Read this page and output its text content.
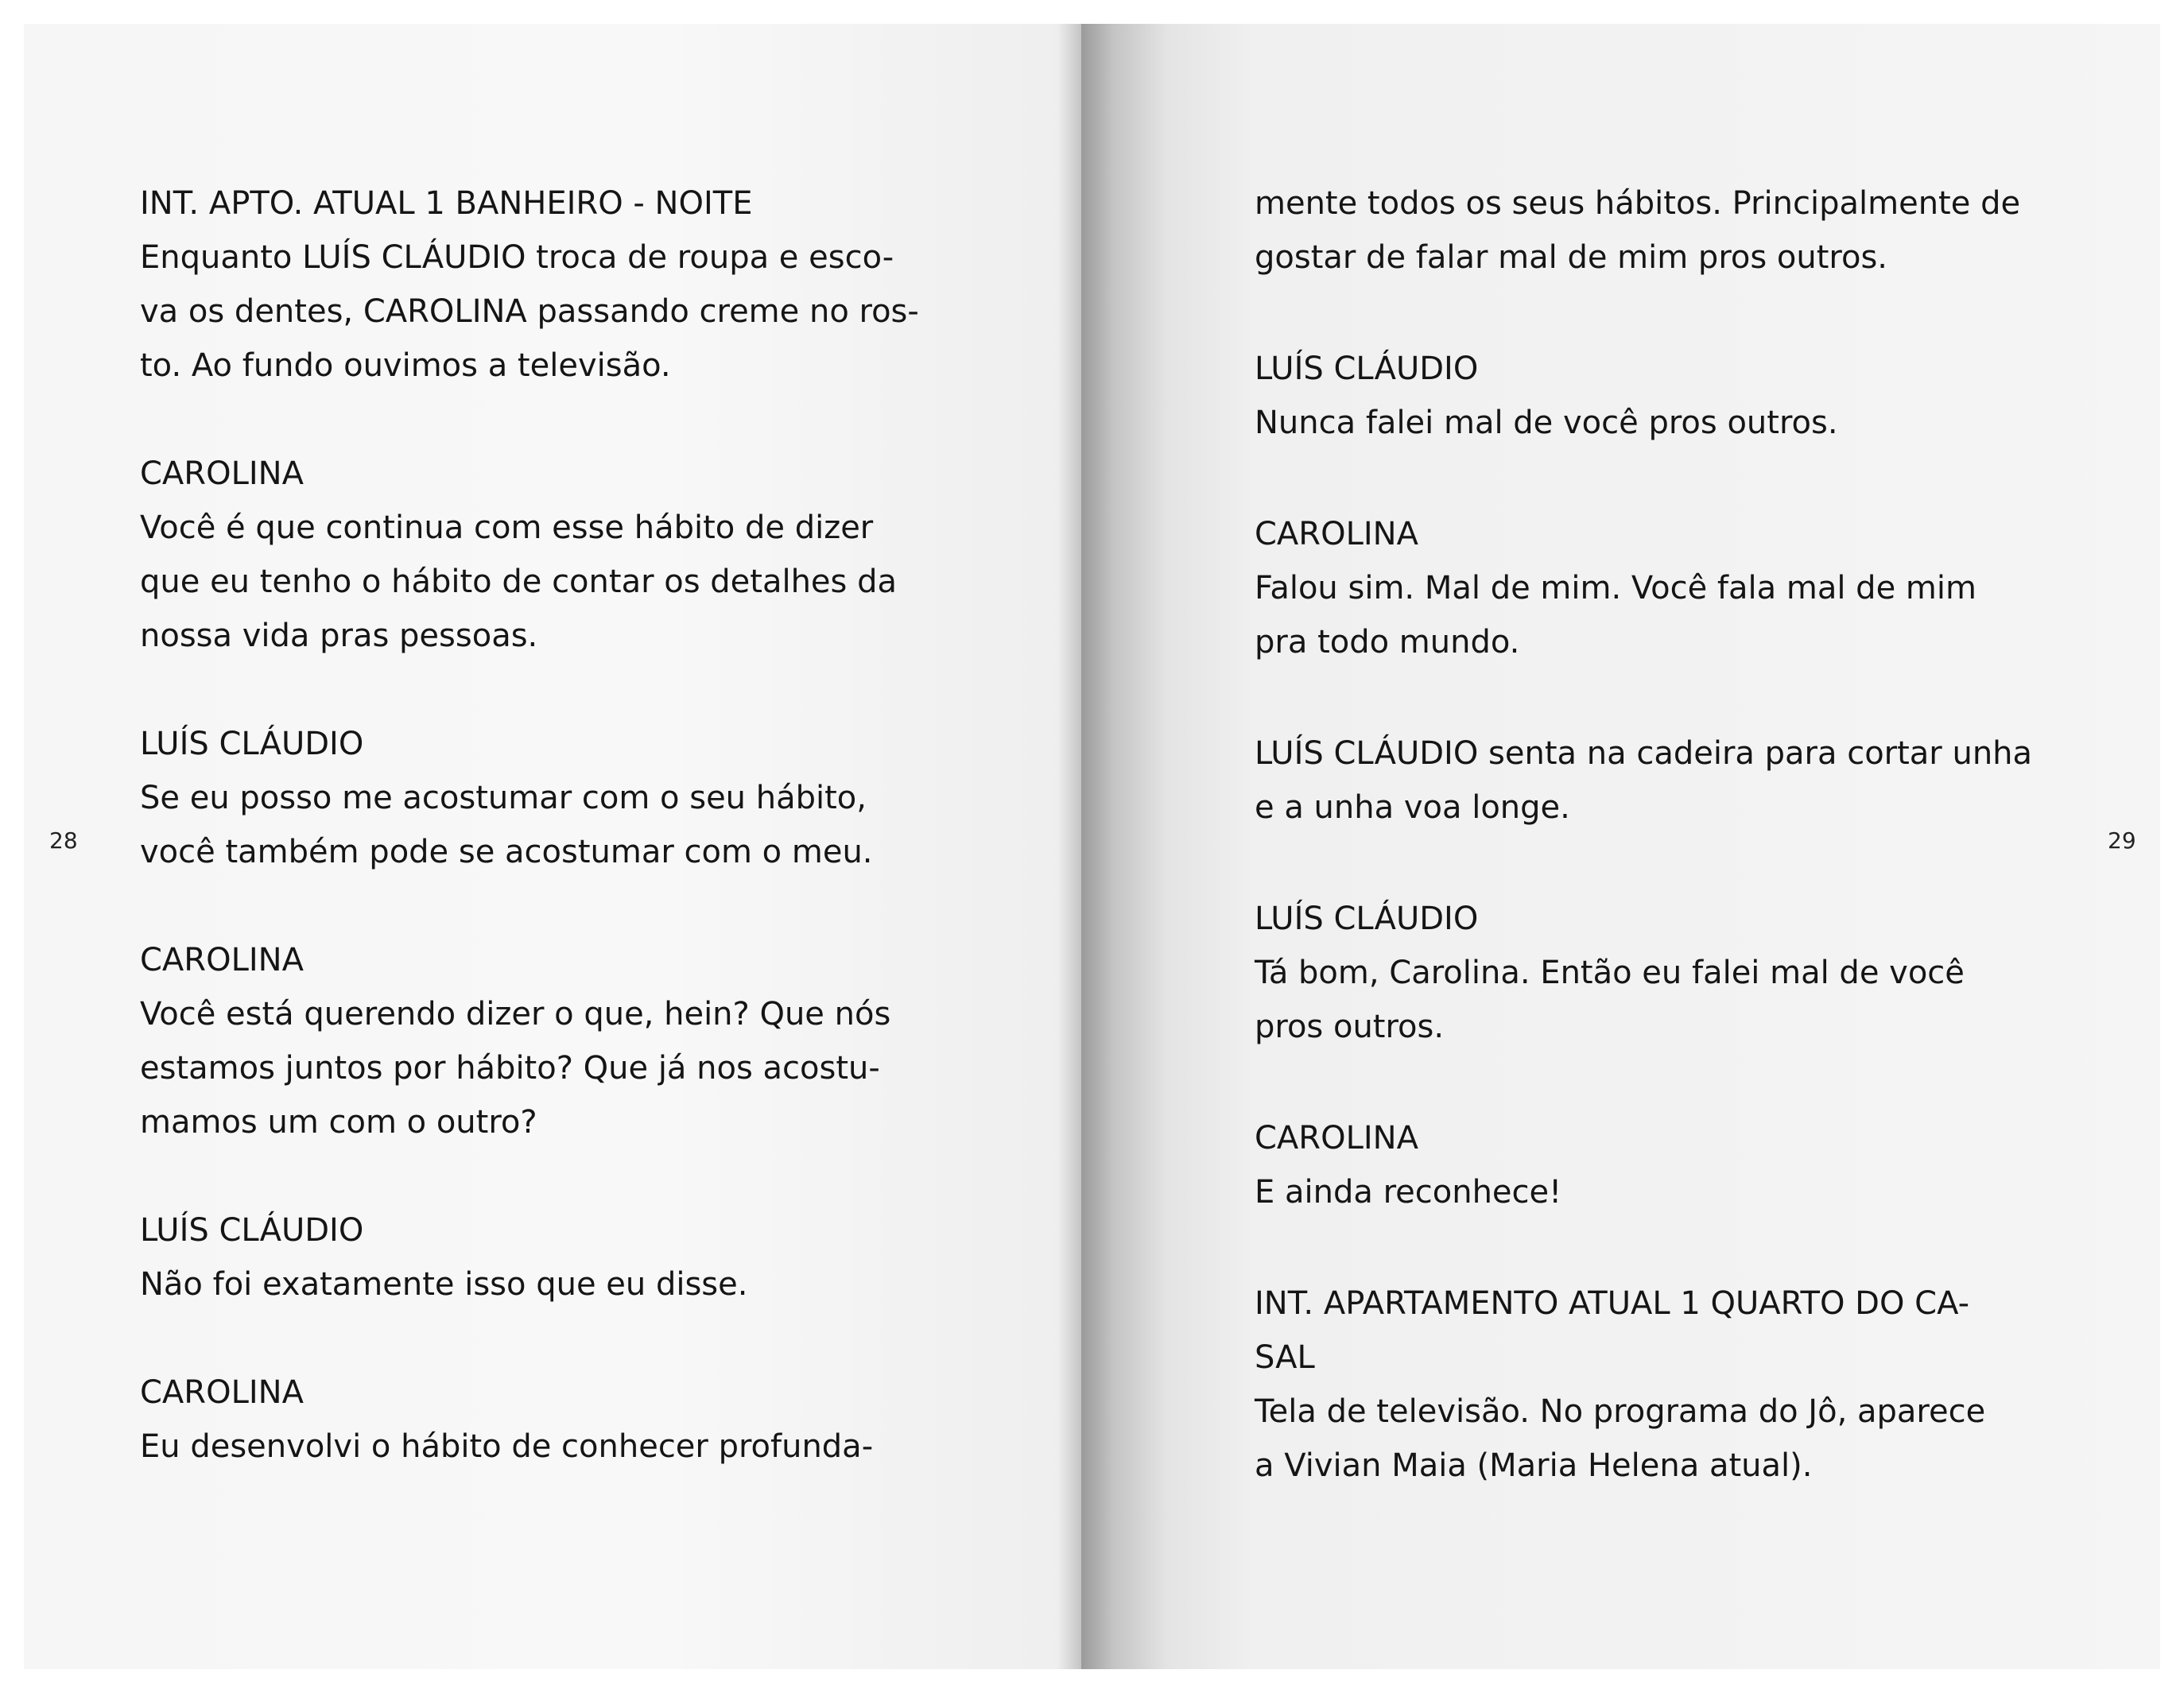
INT. APTO. ATUAL 1 BANHEIRO - NOITE
Enquanto LUÍS CLÁUDIO troca de roupa e esco-
va os dentes, CAROLINA passando creme no ros-
to. Ao fundo ouvimos a televisão.
CAROLINA
Você é que continua com esse hábito de dizer
que eu tenho o hábito de contar os detalhes da
nossa vida pras pessoas.
LUÍS CLÁUDIO
Se eu posso me acostumar com o seu hábito,
você também pode se acostumar com o meu.
CAROLINA
Você está querendo dizer o que, hein? Que nós
estamos juntos por hábito? Que já nos acostu-
mamos um com o outro?
LUÍS CLÁUDIO
Não foi exatamente isso que eu disse.
CAROLINA
Eu desenvolvi o hábito de conhecer profunda-
mente todos os seus hábitos. Principalmente de
gostar de falar mal de mim pros outros.
LUÍS CLÁUDIO
Nunca falei mal de você pros outros.
CAROLINA
Falou sim. Mal de mim. Você fala mal de mim
pra todo mundo.
LUÍS CLÁUDIO senta na cadeira para cortar unha
e a unha voa longe.
LUÍS CLÁUDIO
Tá bom, Carolina. Então eu falei mal de você
pros outros.
CAROLINA
E ainda reconhece!
INT. APARTAMENTO ATUAL 1 QUARTO DO CA-
SAL
Tela de televisão. No programa do Jô, aparece
a Vivian Maia (Maria Helena atual).
28	29
